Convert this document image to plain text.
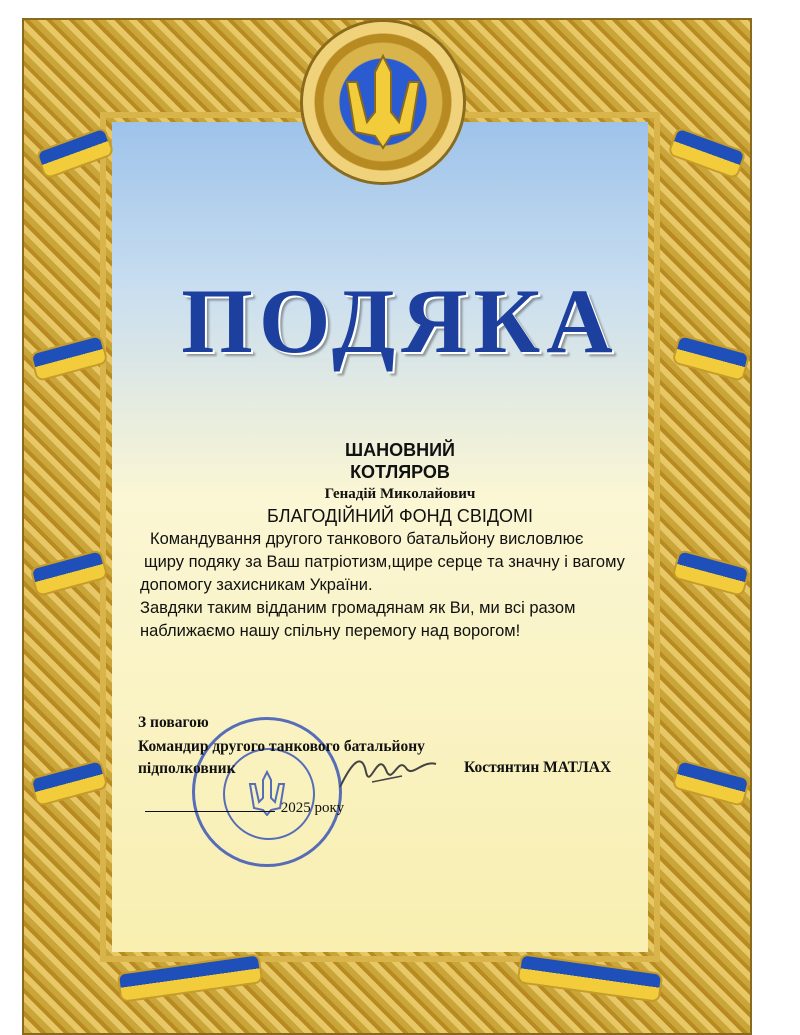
ПОДЯКА
ШАНОВНИЙ
КОТЛЯРОВ
Генадій Миколайович
БЛАГОДІЙНИЙ ФОНД СВІДОМІ

Командування другого танкового батальйону висловлює

щиру подяку за Ваш патріотизм,щире серце та значну і вагому

допомогу захисникам України.

Завдяки таким відданим громадянам як Ви, ми всі разом

наближаємо нашу спільну перемогу над ворогом!

З повагою
Командир другого танкового батальйону
підполковник	Костянтин МАТЛАХ
2025 року
